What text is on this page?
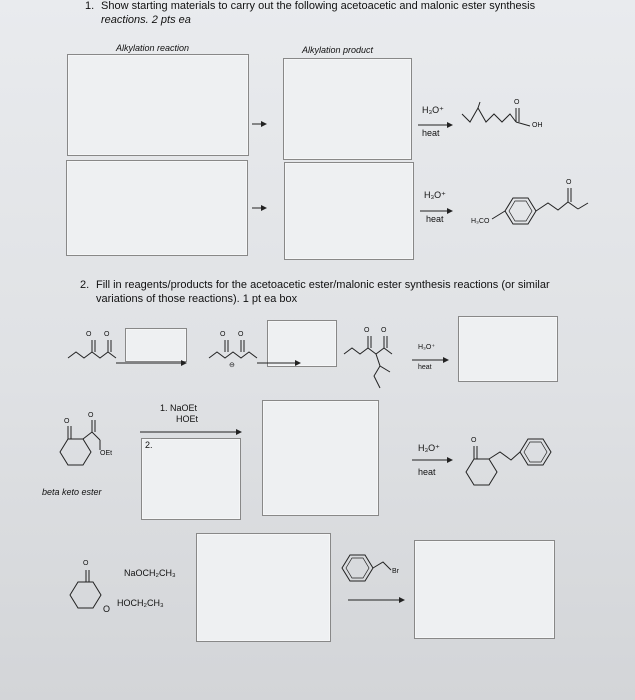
1. Show starting materials to carry out the following acetoacetic and malonic ester synthesis
reactions. 2 pts ea
Alkylation reaction	Alkylation product
H₃O⁺
heat
O
OH
H₃O⁺
heat	H₃CO
O
2. Fill in reagents/products for the acetoacetic ester/malonic ester synthesis reactions (or similar
variations of those reactions). 1 pt ea box
O O	O O
⊖
O O
H₃O⁺
heat
1. NaOEt
HOEt
2.
O
O
OEt
beta keto ester
H₃O⁺
heat
O
O
O
NaOCH₂CH₃
HOCH₂CH₃
Br
